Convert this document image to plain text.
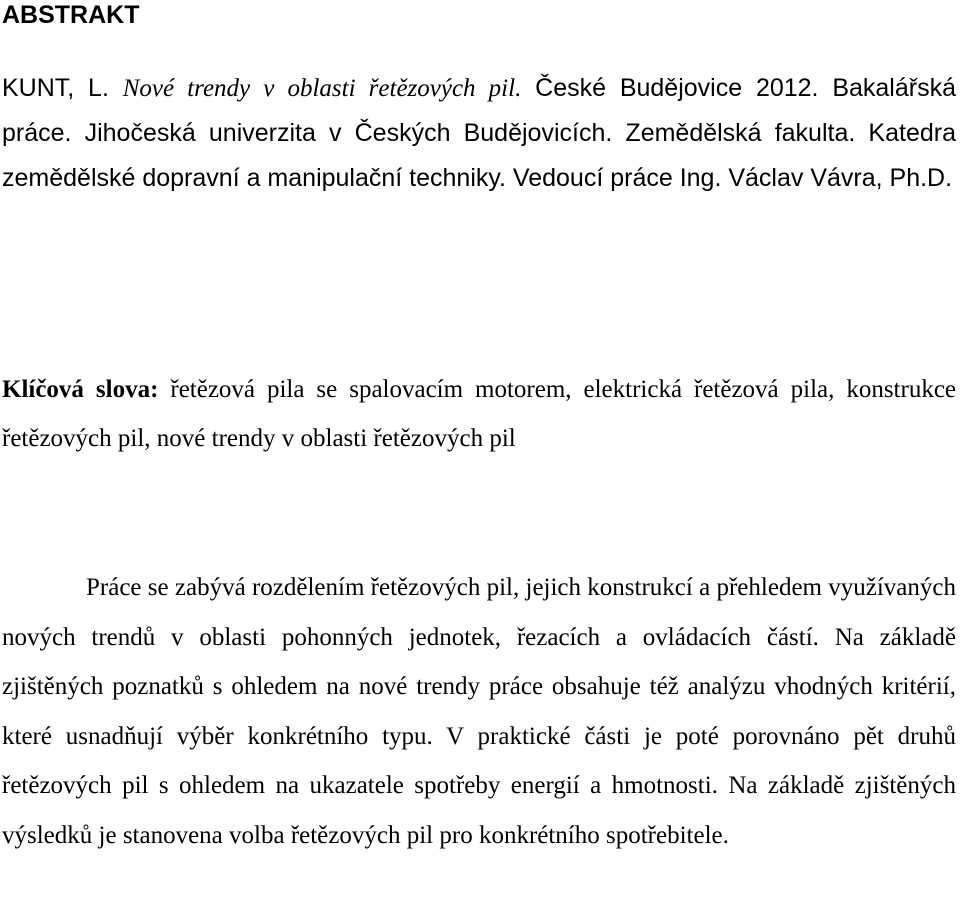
ABSTRAKT

KUNT, L. Nové trendy v oblasti řetězových pil. České Budějovice 2012. Bakalářská práce. Jihočeská univerzita v Českých Budějovicích. Zemědělská fakulta. Katedra zemědělské dopravní a manipulační techniky. Vedoucí práce Ing. Václav Vávra, Ph.D.

Klíčová slova: řetězová pila se spalovacím motorem, elektrická řetězová pila, konstrukce řetězových pil, nové trendy v oblasti řetězových pil

Práce se zabývá rozdělením řetězových pil, jejich konstrukcí a přehledem využívaných nových trendů v oblasti pohonných jednotek, řezacích a ovládacích částí. Na základě zjištěných poznatků s ohledem na nové trendy práce obsahuje též analýzu vhodných kritérií, které usnadňují výběr konkrétního typu. V praktické části je poté porovnáno pět druhů řetězových pil s ohledem na ukazatele spotřeby energií a hmotnosti. Na základě zjištěných výsledků je stanovena volba řetězových pil pro konkrétního spotřebitele.
